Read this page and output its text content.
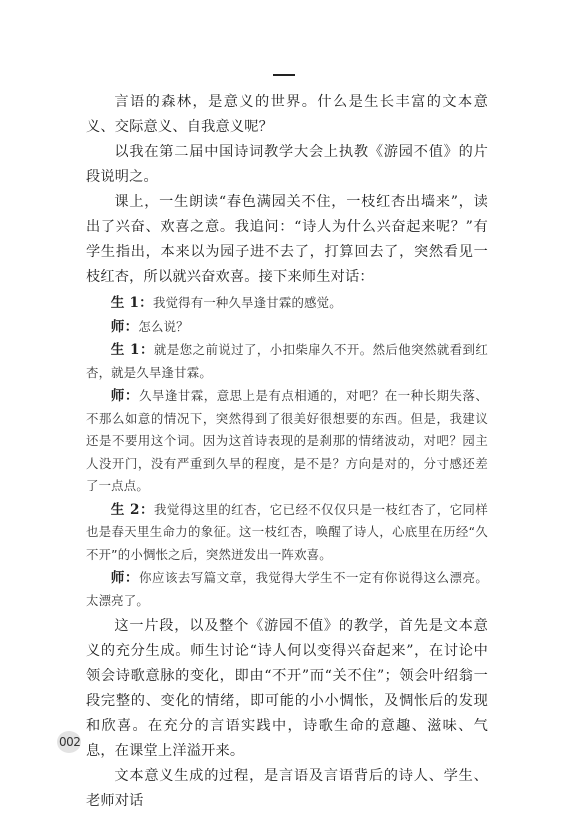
言语的森林，是意义的世界。什么是生长丰富的文本意义、交际意义、自我意义呢？

以我在第二届中国诗词教学大会上执教《游园不值》的片段说明之。

课上，一生朗读“春色满园关不住，一枝红杏出墙来”，读出了兴奋、欢喜之意。我追问：“诗人为什么兴奋起来呢？”有学生指出，本来以为园子进不去了，打算回去了，突然看见一枝红杏，所以就兴奋欢喜。接下来师生对话：

生 1：我觉得有一种久旱逢甘霖的感觉。

师：怎么说？

生 1：就是您之前说过了，小扣柴扉久不开。然后他突然就看到红杏，就是久旱逢甘霖。

师：久旱逢甘霖，意思上是有点相通的，对吧？在一种长期失落、不那么如意的情况下，突然得到了很美好很想要的东西。但是，我建议还是不要用这个词。因为这首诗表现的是刹那的情绪波动，对吧？园主人没开门，没有严重到久旱的程度，是不是？方向是对的，分寸感还差了一点点。

生 2：我觉得这里的红杏，它已经不仅仅只是一枝红杏了，它同样也是春天里生命力的象征。这一枝红杏，唤醒了诗人，心底里在历经“久不开”的小惆怅之后，突然迸发出一阵欢喜。

师：你应该去写篇文章，我觉得大学生不一定有你说得这么漂亮。太漂亮了。

这一片段，以及整个《游园不值》的教学，首先是文本意义的充分生成。师生讨论“诗人何以变得兴奋起来”，在讨论中领会诗歌意脉的变化，即由“不开”而“关不住”；领会叶绍翁一段完整的、变化的情绪，即可能的小小惆怅，及惆怅后的发现和欣喜。在充分的言语实践中，诗歌生命的意趣、滋味、气息，在课堂上洋溢开来。

文本意义生成的过程，是言语及言语背后的诗人、学生、老师对话

002
